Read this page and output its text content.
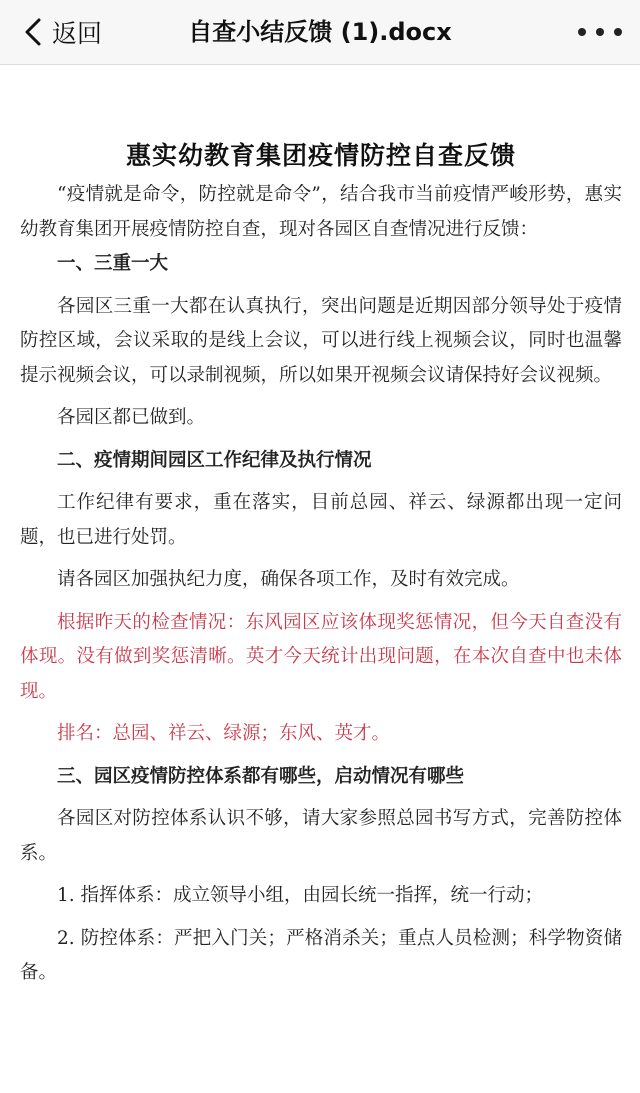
返回	自查小结反馈 (1).docx
惠实幼教育集团疫情防控自查反馈

“疫情就是命令，防控就是命令”，结合我市当前疫情严峻形势，惠实幼教育集团开展疫情防控自查，现对各园区自查情况进行反馈：

一、三重一大

各园区三重一大都在认真执行，突出问题是近期因部分领导处于疫情防控区域，会议采取的是线上会议，可以进行线上视频会议，同时也温馨提示视频会议，可以录制视频，所以如果开视频会议请保持好会议视频。

各园区都已做到。

二、疫情期间园区工作纪律及执行情况

工作纪律有要求，重在落实，目前总园、祥云、绿源都出现一定问题，也已进行处罚。

请各园区加强执纪力度，确保各项工作，及时有效完成。

根据昨天的检查情况：东风园区应该体现奖惩情况，但今天自查没有体现。没有做到奖惩清晰。英才今天统计出现问题，在本次自查中也未体现。

排名：总园、祥云、绿源；东风、英才。

三、园区疫情防控体系都有哪些，启动情况有哪些

各园区对防控体系认识不够，请大家参照总园书写方式，完善防控体系。

1. 指挥体系：成立领导小组，由园长统一指挥，统一行动；

2. 防控体系：严把入门关；严格消杀关；重点人员检测；科学物资储备。
